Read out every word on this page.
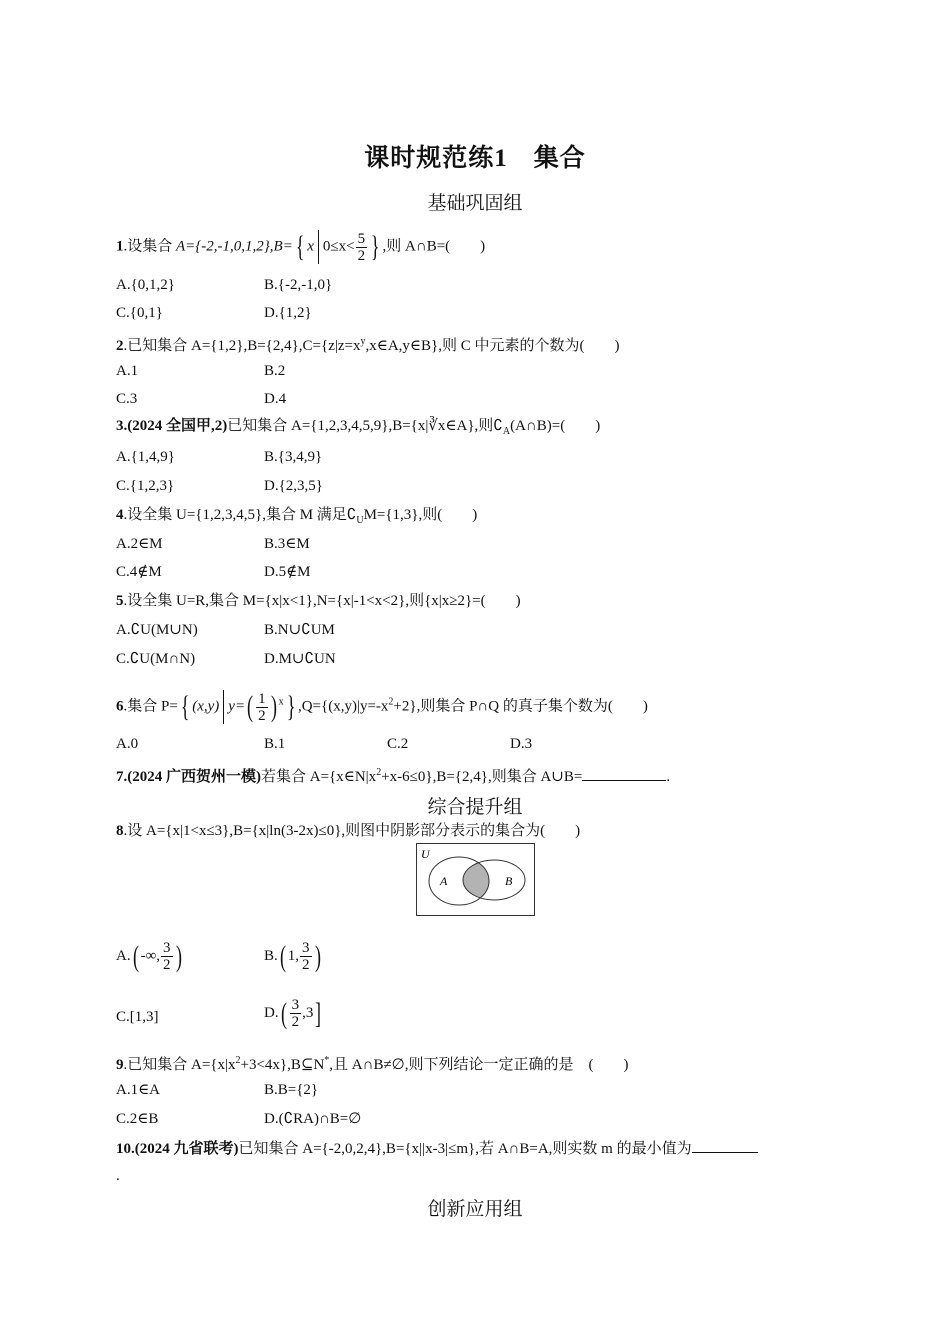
课时规范练1　集合
基础巩固组
1.设集合 A={-2,-1,0,1,2},B={ x $0\le x< \frac{5}{2}$ } ,则 A∩B=(　　)
A.{0,1,2}	B.{-2,-1,0}
C.{0,1}	D.{1,2}
2.已知集合 $A=\{1,2\},B=\{2,4\},C=\{z|z=x^y,x\in A,y\in B\}$,则 C 中元素的个数为(　　)
A.1	B.2
C.3	D.4
3.(2024 全国甲,2)已知集合 A={1,2,3,4,5,9},B={x|∛x∈A},则$∁_A(A\cap B)=$(　　)
A.{1,4,9}	B.{3,4,9}
C.{1,2,3}	D.{2,3,5}
4.设全集 U={1,2,3,4,5},集合 M 满足$∁_UM=\{1,3\}$,则(　　)
A.2∈M	B.3∈M
C.4∉M	D.5∉M
5.设全集 U=R,集合 M={x|x<1},N={x|-1<x<2},则{x|x≥2}=(　　)
A.∁U(M∪N)	B.N∪∁UM
C.∁U(M∩N)	D.M∪∁UN
6.集合 P={ (x,y) $y=( \frac{1}{2}$ ) $^x$} $,Q=\{(x,y)|y=-x^2+2\}$,则集合 P∩Q 的真子集个数为(　　)
A.0	B.1	C.2	D.3
7.(2024 广西贺州一模)若集合 $A=\{x\in N|x^2+x-6\le 0\},B=\{2,4\}$,则集合 A∪B=	.
综合提升组
8.设 A={x|1<x≤3},B={x|ln(3-2x)≤0},则图中阴影部分表示的集合为(　　)
U
A	B
A.( -∞, $\frac{3}{2}$ )	B.( 1, $\frac{3}{2}$ )
C.[1,3]	$D.( \frac{3}{2} ,3]$
9.已知集合 $A=\{x|x^2+3<4x\},B⊆N^*$,且 A∩B≠∅,则下列结论一定正确的是　(　　)
A.1∈A	B.B={2}
C.2∈B	D.(∁RA)∩B=∅
10.(2024 九省联考)已知集合 A={-2,0,2,4},B={x||x-3|≤m},若 A∩B=A,则实数 m 的最小值为
.
创新应用组
